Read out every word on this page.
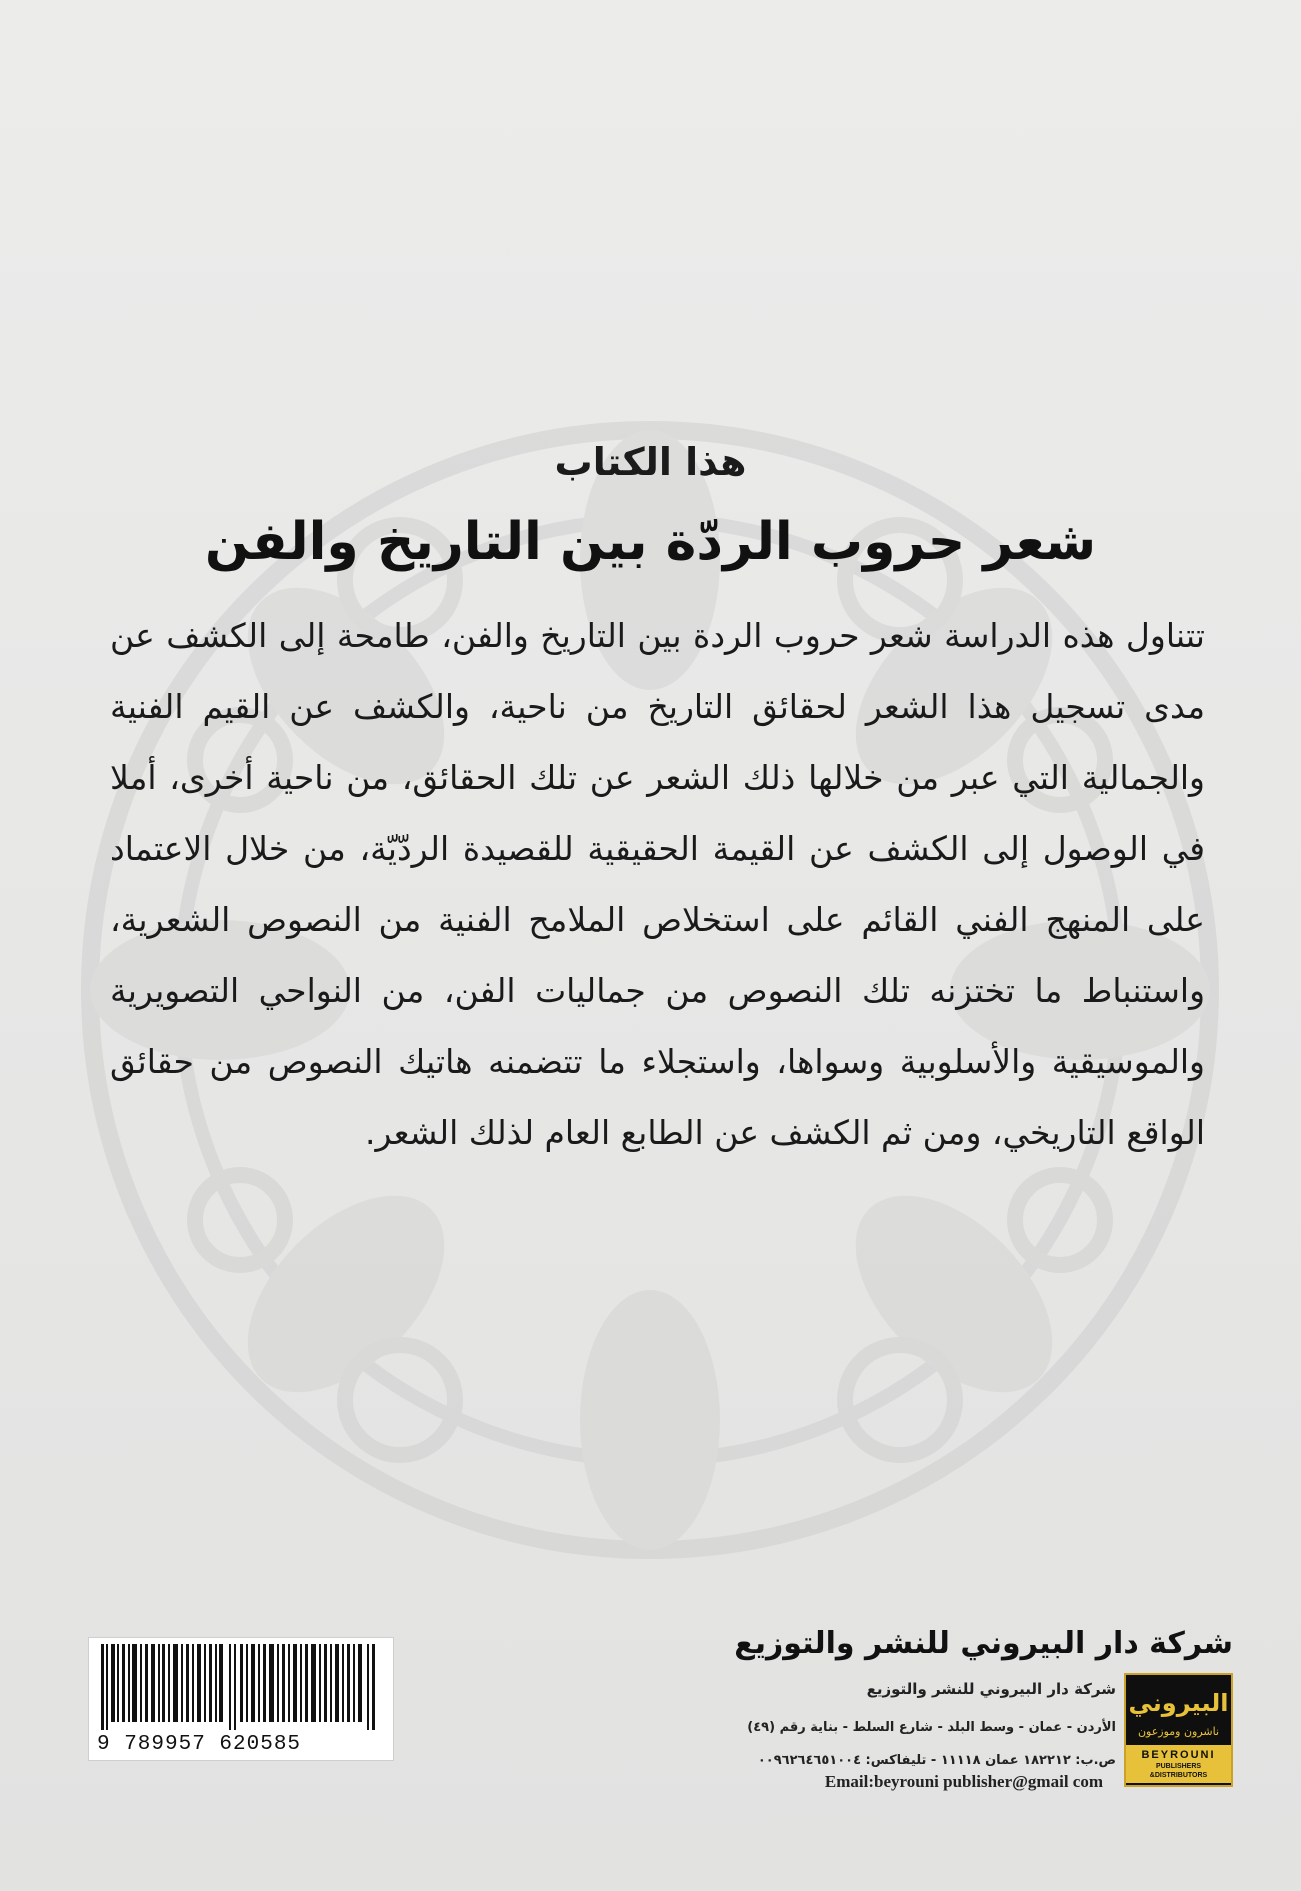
هذا الكتاب
شعر حروب الردّة بين التاريخ والفن
تتناول هذه الدراسة شعر حروب الردة بين التاريخ والفن، طامحة إلى الكشف عن مدى تسجيل هذا الشعر لحقائق التاريخ من ناحية، والكشف عن القيم الفنية والجمالية التي عبر من خلالها ذلك الشعر عن تلك الحقائق، من ناحية أخرى، أملا في الوصول إلى الكشف عن القيمة الحقيقية للقصيدة الردّيّة، من خلال الاعتماد على المنهج الفني القائم على استخلاص الملامح الفنية من النصوص الشعرية، واستنباط ما تختزنه تلك النصوص من جماليات الفن، من النواحي التصويرية والموسيقية والأسلوبية وسواها، واستجلاء ما تتضمنه هاتيك النصوص من حقائق الواقع التاريخي، ومن ثم الكشف عن الطابع العام لذلك الشعر.
9 789957 620585
شركة دار البيروني للنشر والتوزيع
شركة دار البيروني للنشر والتوزيع
الأردن - عمان - وسط البلد - شارع السلط - بناية رقم (٤٩)
ص.ب: ١٨٢٢١٢ عمان ١١١١٨ - تليفاكس: ٠٠٩٦٢٦٤٦٥١٠٠٤
Email:beyrouni publisher@gmail com
البيروني
ناشرون وموزعون
BEYROUNI
PUBLISHERS
&DISTRIBUTORS
